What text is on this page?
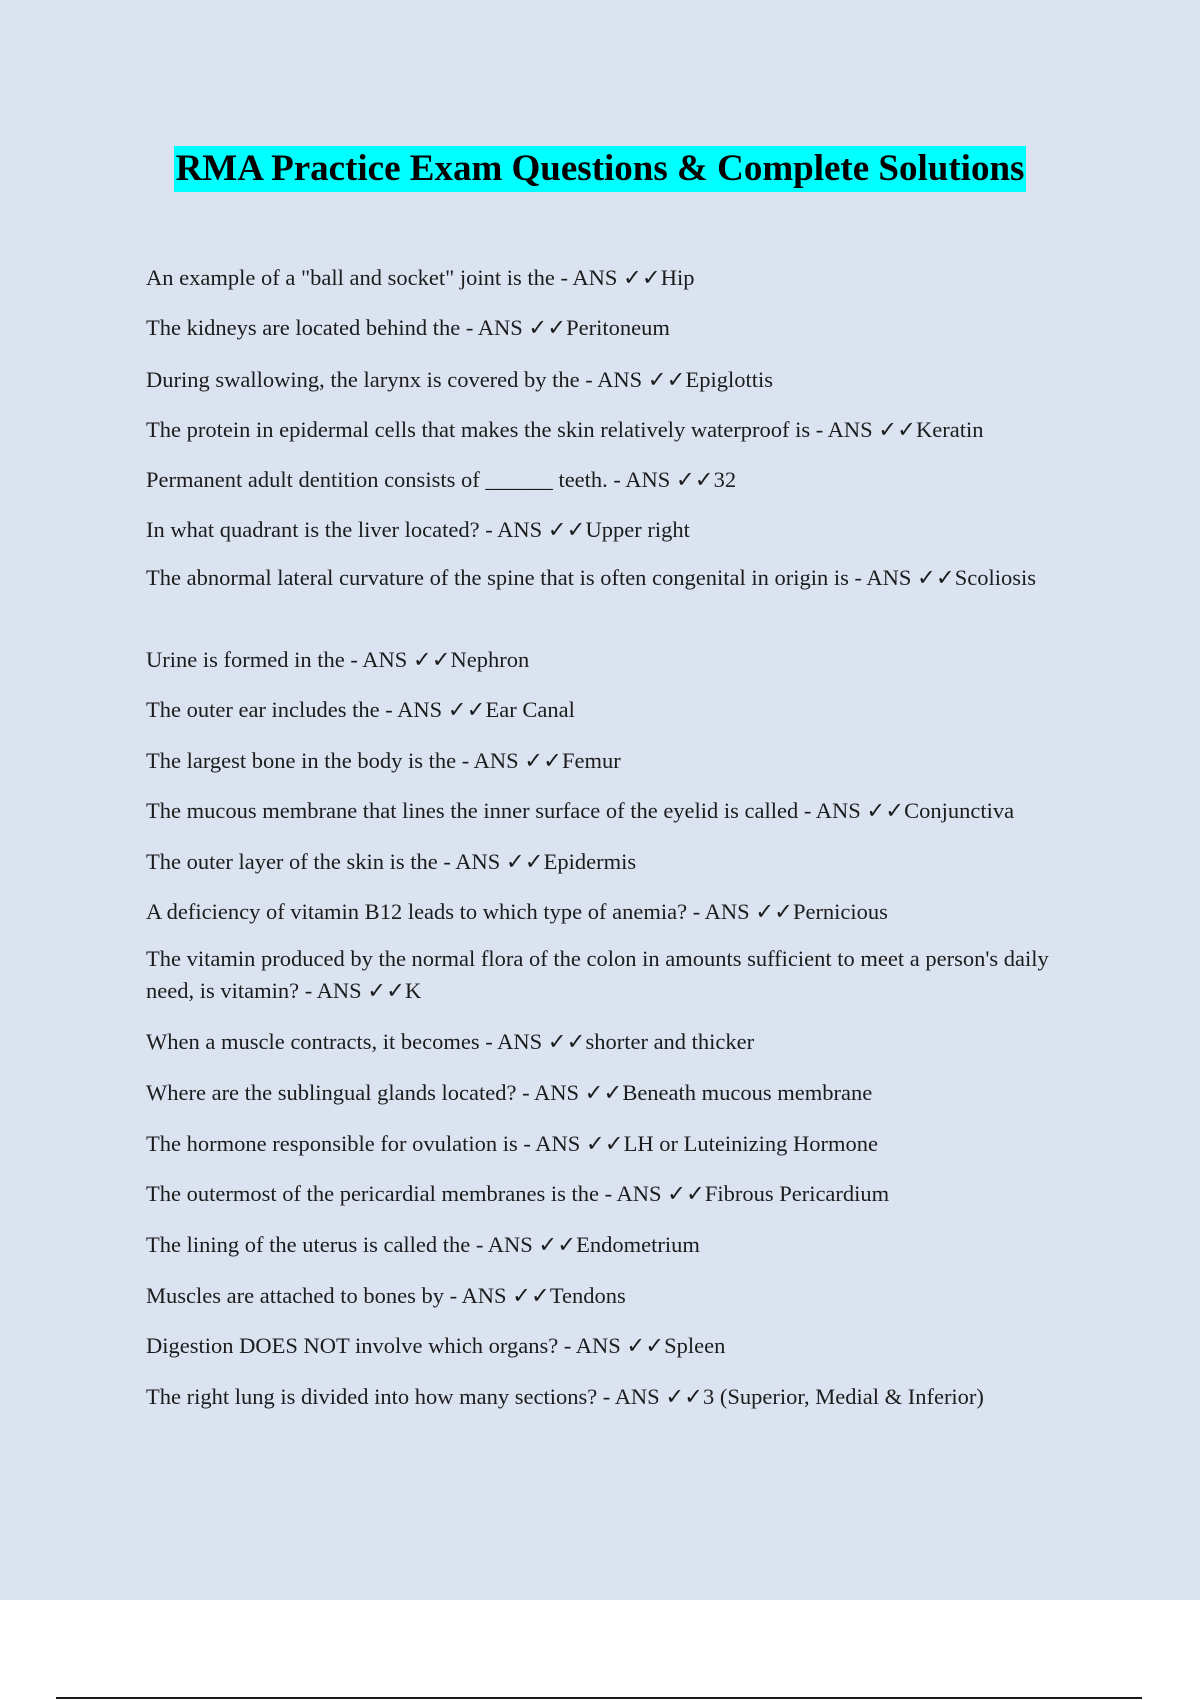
RMA Practice Exam Questions & Complete Solutions
An example of a "ball and socket" joint is the - ANS ✓✓Hip
The kidneys are located behind the - ANS ✓✓Peritoneum
During swallowing, the larynx is covered by the - ANS ✓✓Epiglottis
The protein in epidermal cells that makes the skin relatively waterproof is - ANS ✓✓Keratin
Permanent adult dentition consists of ______ teeth. - ANS ✓✓32
In what quadrant is the liver located? - ANS ✓✓Upper right
The abnormal lateral curvature of the spine that is often congenital in origin is - ANS ✓✓Scoliosis
Urine is formed in the - ANS ✓✓Nephron
The outer ear includes the - ANS ✓✓Ear Canal
The largest bone in the body is the - ANS ✓✓Femur
The mucous membrane that lines the inner surface of the eyelid is called - ANS ✓✓Conjunctiva
The outer layer of the skin is the - ANS ✓✓Epidermis
A deficiency of vitamin B12 leads to which type of anemia? - ANS ✓✓Pernicious
The vitamin produced by the normal flora of the colon in amounts sufficient to meet a person's daily need, is vitamin? - ANS ✓✓K
When a muscle contracts, it becomes - ANS ✓✓shorter and thicker
Where are the sublingual glands located? - ANS ✓✓Beneath mucous membrane
The hormone responsible for ovulation is - ANS ✓✓LH or Luteinizing Hormone
The outermost of the pericardial membranes is the - ANS ✓✓Fibrous Pericardium
The lining of the uterus is called the - ANS ✓✓Endometrium
Muscles are attached to bones by - ANS ✓✓Tendons
Digestion DOES NOT involve which organs? - ANS ✓✓Spleen
The right lung is divided into how many sections? - ANS ✓✓3 (Superior, Medial & Inferior)
